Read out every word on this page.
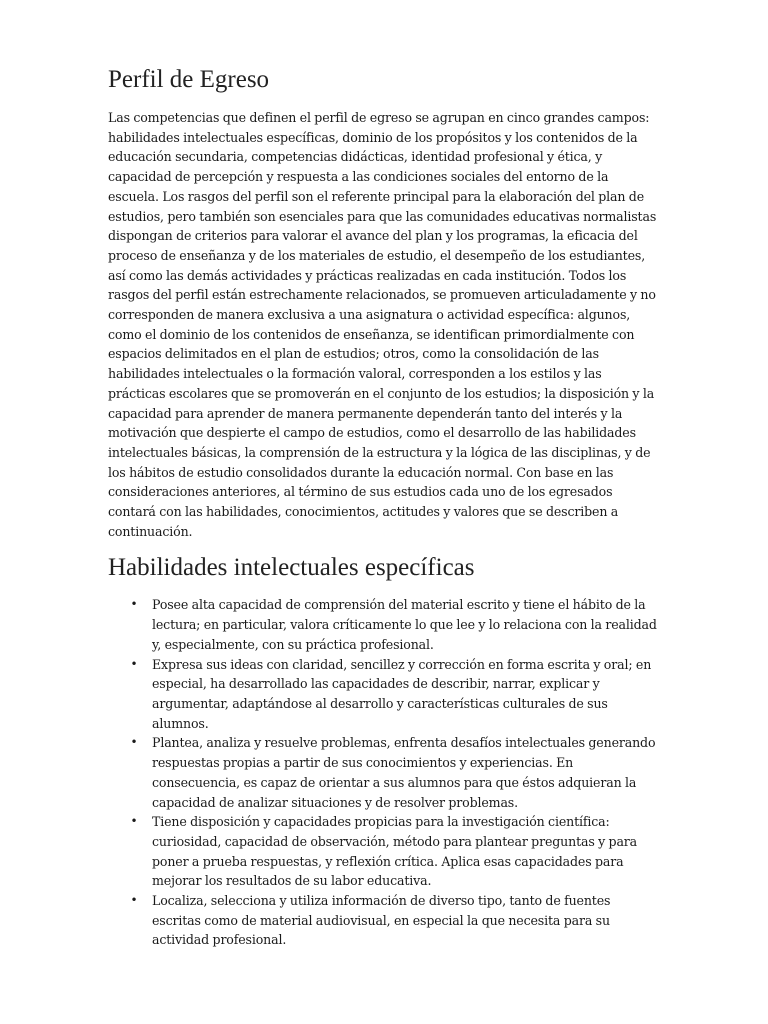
Perfil de Egreso

Las competencias que definen el perfil de egreso se agrupan en cinco grandes campos: habilidades intelectuales específicas, dominio de los propósitos y los contenidos de la educación secundaria, competencias didácticas, identidad profesional y ética, y capacidad de percepción y respuesta a las condiciones sociales del entorno de la escuela. Los rasgos del perfil son el referente principal para la elaboración del plan de estudios, pero también son esenciales para que las comunidades educativas normalistas dispongan de criterios para valorar el avance del plan y los programas, la eficacia del proceso de enseñanza y de los materiales de estudio, el desempeño de los estudiantes, así como las demás actividades y prácticas realizadas en cada institución. Todos los rasgos del perfil están estrechamente relacionados, se promueven articuladamente y no corresponden de manera exclusiva a una asignatura o actividad específica: algunos, como el dominio de los contenidos de enseñanza, se identifican primordialmente con espacios delimitados en el plan de estudios; otros, como la consolidación de las habilidades intelectuales o la formación valoral, corresponden a los estilos y las prácticas escolares que se promoverán en el conjunto de los estudios; la disposición y la capacidad para aprender de manera permanente dependerán tanto del interés y la motivación que despierte el campo de estudios, como el desarrollo de las habilidades intelectuales básicas, la comprensión de la estructura y la lógica de las disciplinas, y de los hábitos de estudio consolidados durante la educación normal. Con base en las consideraciones anteriores, al término de sus estudios cada uno de los egresados contará con las habilidades, conocimientos, actitudes y valores que se describen a continuación.

Habilidades intelectuales específicas
• Posee alta capacidad de comprensión del material escrito y tiene el hábito de la lectura; en particular, valora críticamente lo que lee y lo relaciona con la realidad y, especialmente, con su práctica profesional.
• Expresa sus ideas con claridad, sencillez y corrección en forma escrita y oral; en especial, ha desarrollado las capacidades de describir, narrar, explicar y argumentar, adaptándose al desarrollo y características culturales de sus alumnos.
• Plantea, analiza y resuelve problemas, enfrenta desafíos intelectuales generando respuestas propias a partir de sus conocimientos y experiencias. En consecuencia, es capaz de orientar a sus alumnos para que éstos adquieran la capacidad de analizar situaciones y de resolver problemas.
• Tiene disposición y capacidades propicias para la investigación científica: curiosidad, capacidad de observación, método para plantear preguntas y para poner a prueba respuestas, y reflexión crítica. Aplica esas capacidades para mejorar los resultados de su labor educativa.
• Localiza, selecciona y utiliza información de diverso tipo, tanto de fuentes escritas como de material audiovisual, en especial la que necesita para su actividad profesional.
